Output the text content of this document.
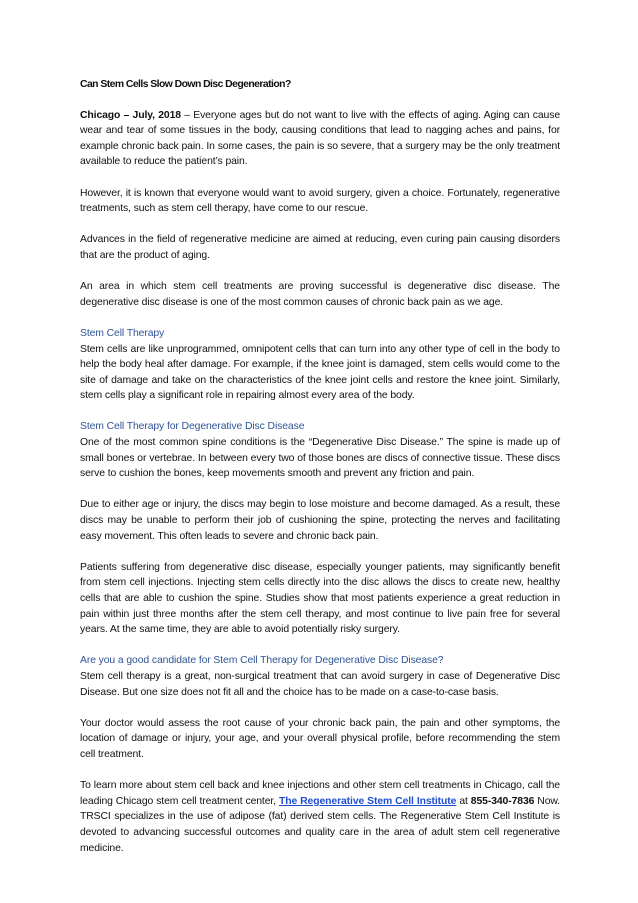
Can Stem Cells Slow Down Disc Degeneration?

Chicago – July, 2018 – Everyone ages but do not want to live with the effects of aging. Aging can cause wear and tear of some tissues in the body, causing conditions that lead to nagging aches and pains, for example chronic back pain. In some cases, the pain is so severe, that a surgery may be the only treatment available to reduce the patient’s pain.

However, it is known that everyone would want to avoid surgery, given a choice. Fortunately, regenerative treatments, such as stem cell therapy, have come to our rescue.

Advances in the field of regenerative medicine are aimed at reducing, even curing pain causing disorders that are the product of aging.

An area in which stem cell treatments are proving successful is degenerative disc disease. The degenerative disc disease is one of the most common causes of chronic back pain as we age.

Stem Cell Therapy

Stem cells are like unprogrammed, omnipotent cells that can turn into any other type of cell in the body to help the body heal after damage. For example, if the knee joint is damaged, stem cells would come to the site of damage and take on the characteristics of the knee joint cells and restore the knee joint. Similarly, stem cells play a significant role in repairing almost every area of the body.

Stem Cell Therapy for Degenerative Disc Disease

One of the most common spine conditions is the “Degenerative Disc Disease.” The spine is made up of small bones or vertebrae. In between every two of those bones are discs of connective tissue. These discs serve to cushion the bones, keep movements smooth and prevent any friction and pain.

Due to either age or injury, the discs may begin to lose moisture and become damaged. As a result, these discs may be unable to perform their job of cushioning the spine, protecting the nerves and facilitating easy movement. This often leads to severe and chronic back pain.

Patients suffering from degenerative disc disease, especially younger patients, may significantly benefit from stem cell injections. Injecting stem cells directly into the disc allows the discs to create new, healthy cells that are able to cushion the spine. Studies show that most patients experience a great reduction in pain within just three months after the stem cell therapy, and most continue to live pain free for several years. At the same time, they are able to avoid potentially risky surgery.

Are you a good candidate for Stem Cell Therapy for Degenerative Disc Disease?

Stem cell therapy is a great, non-surgical treatment that can avoid surgery in case of Degenerative Disc Disease. But one size does not fit all and the choice has to be made on a case-to-case basis.

Your doctor would assess the root cause of your chronic back pain, the pain and other symptoms, the location of damage or injury, your age, and your overall physical profile, before recommending the stem cell treatment.

To learn more about stem cell back and knee injections and other stem cell treatments in Chicago, call the leading Chicago stem cell treatment center, The Regenerative Stem Cell Institute at 855-340-7836 Now. TRSCI specializes in the use of adipose (fat) derived stem cells. The Regenerative Stem Cell Institute is devoted to advancing successful outcomes and quality care in the area of adult stem cell regenerative medicine.
